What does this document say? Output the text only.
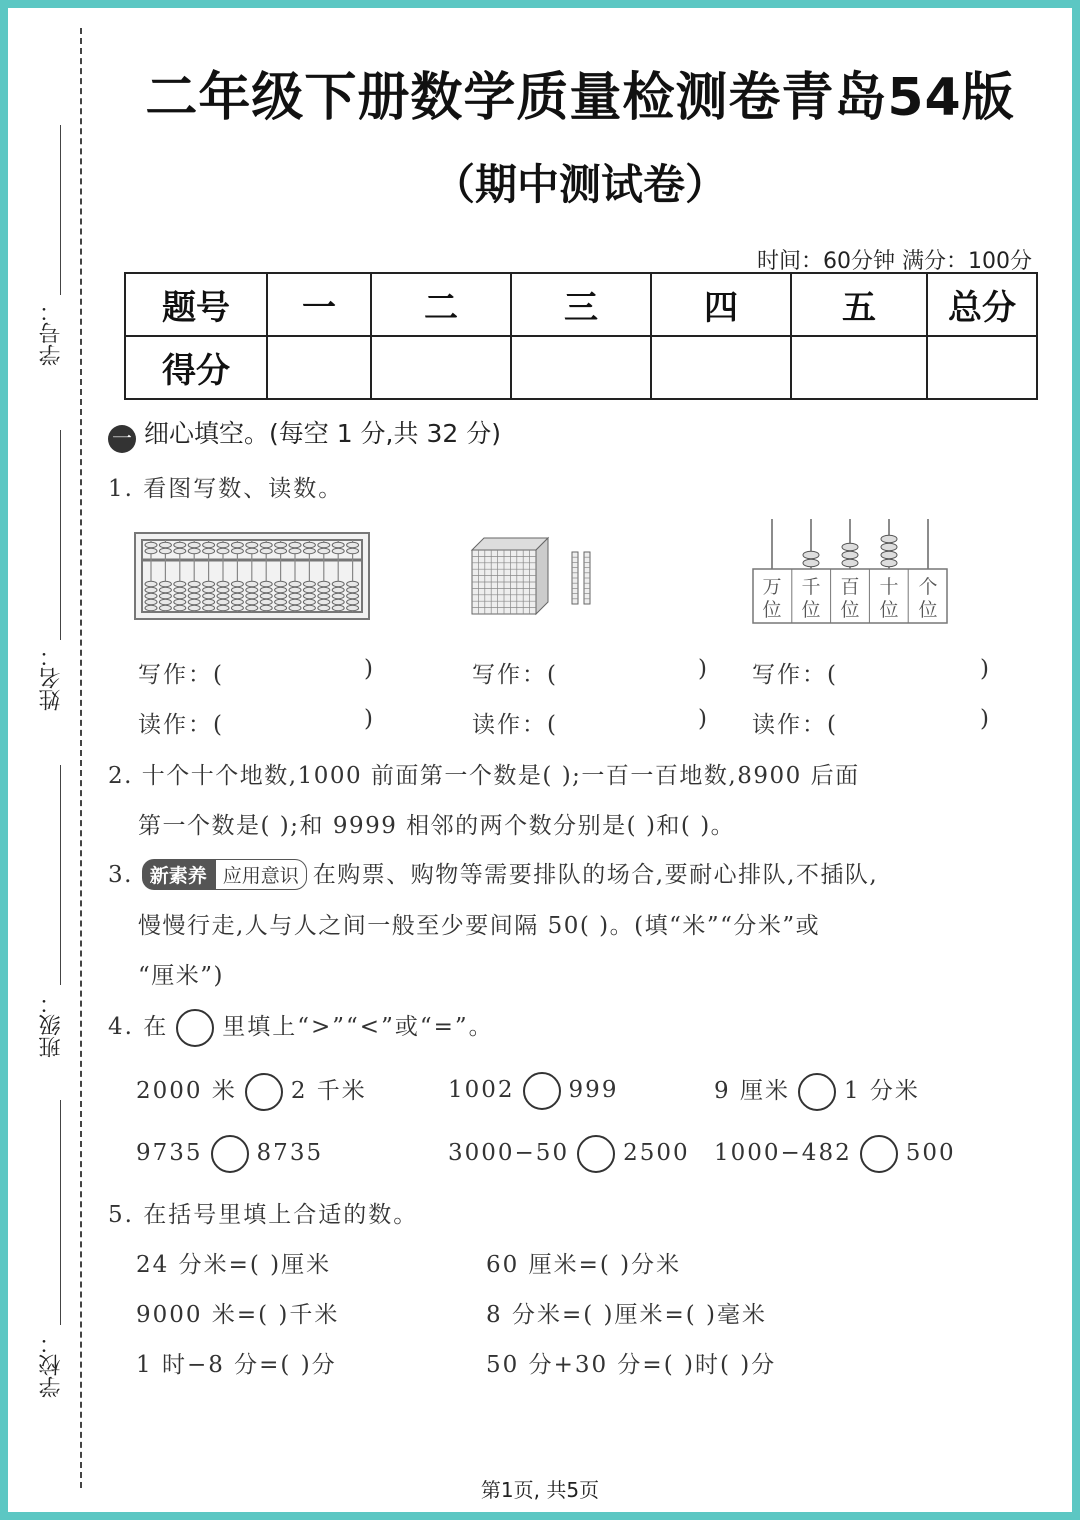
学号：
姓名：
班级：
学校：
二年级下册数学质量检测卷青岛54版
（期中测试卷）
时间：60分钟 满分：100分
题号	一	二	三	四	五	总分
得分						
一 细心填空。(每空 1 分,共 32 分)
1. 看图写数、读数。
万
位
千
位
百
位
十
位
个
位
写作：(	)	写作：(	) 写作：(	)
读作：(	)	读作：(	) 读作：(	)
2. 十个十个地数,1000 前面第一个数是( );一百一百地数,8900 后面
第一个数是( );和 9999 相邻的两个数分别是( )和( )。
3. 新素养 应用意识 在购票、购物等需要排队的场合,要耐心排队,不插队,
慢慢行走,人与人之间一般至少要间隔 50( )。(填“米”“分米”或
“厘米”)
4. 在 里填上“>”“<”或“=”。
2000 米 2 千米	1002 999	9 厘米 1 分米
9735 8735	3000−50 2500 1000−482 500
5. 在括号里填上合适的数。
24 分米=( )厘米	60 厘米=( )分米
9000 米=( )千米	8 分米=( )厘米=( )毫米
1 时−8 分=( )分	50 分+30 分=( )时( )分
第1页, 共5页
